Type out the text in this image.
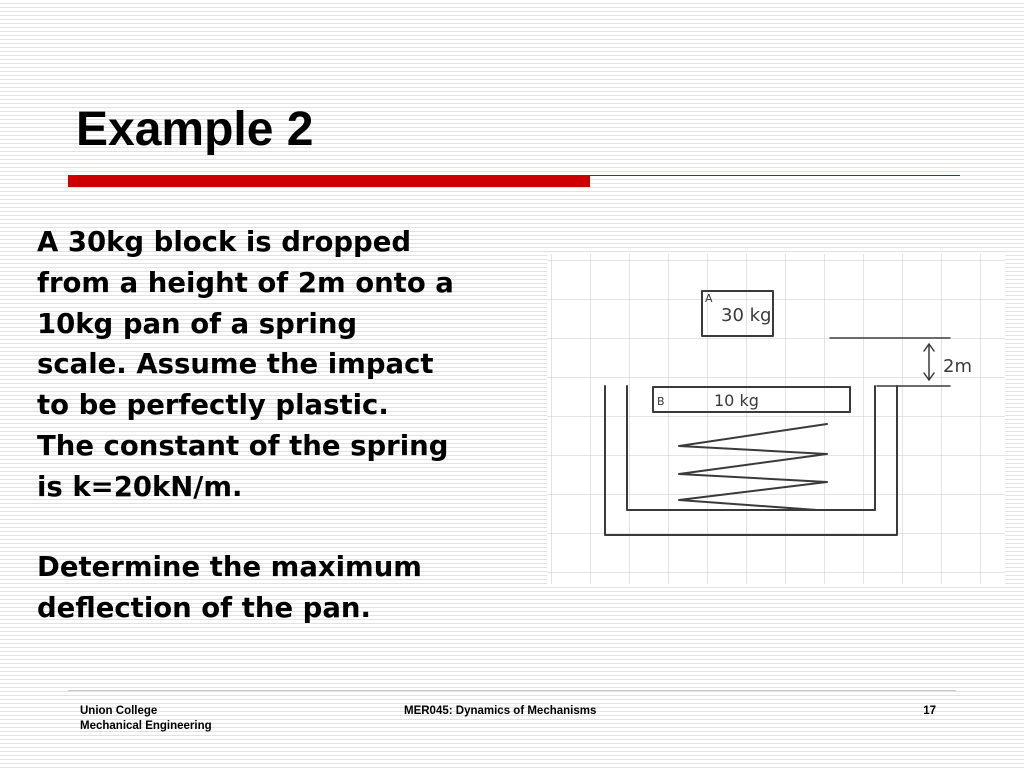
Example 2

A 30kg block is dropped
from a height of 2m onto a
10kg pan of a spring
scale. Assume the impact
to be perfectly plastic.
The constant of the spring
is k=20kN/m.

Determine the maximum
deflection of the pan.

A
30 kg
B	10 kg
2m
Union College
Mechanical Engineering
MER045: Dynamics of Mechanisms	17
